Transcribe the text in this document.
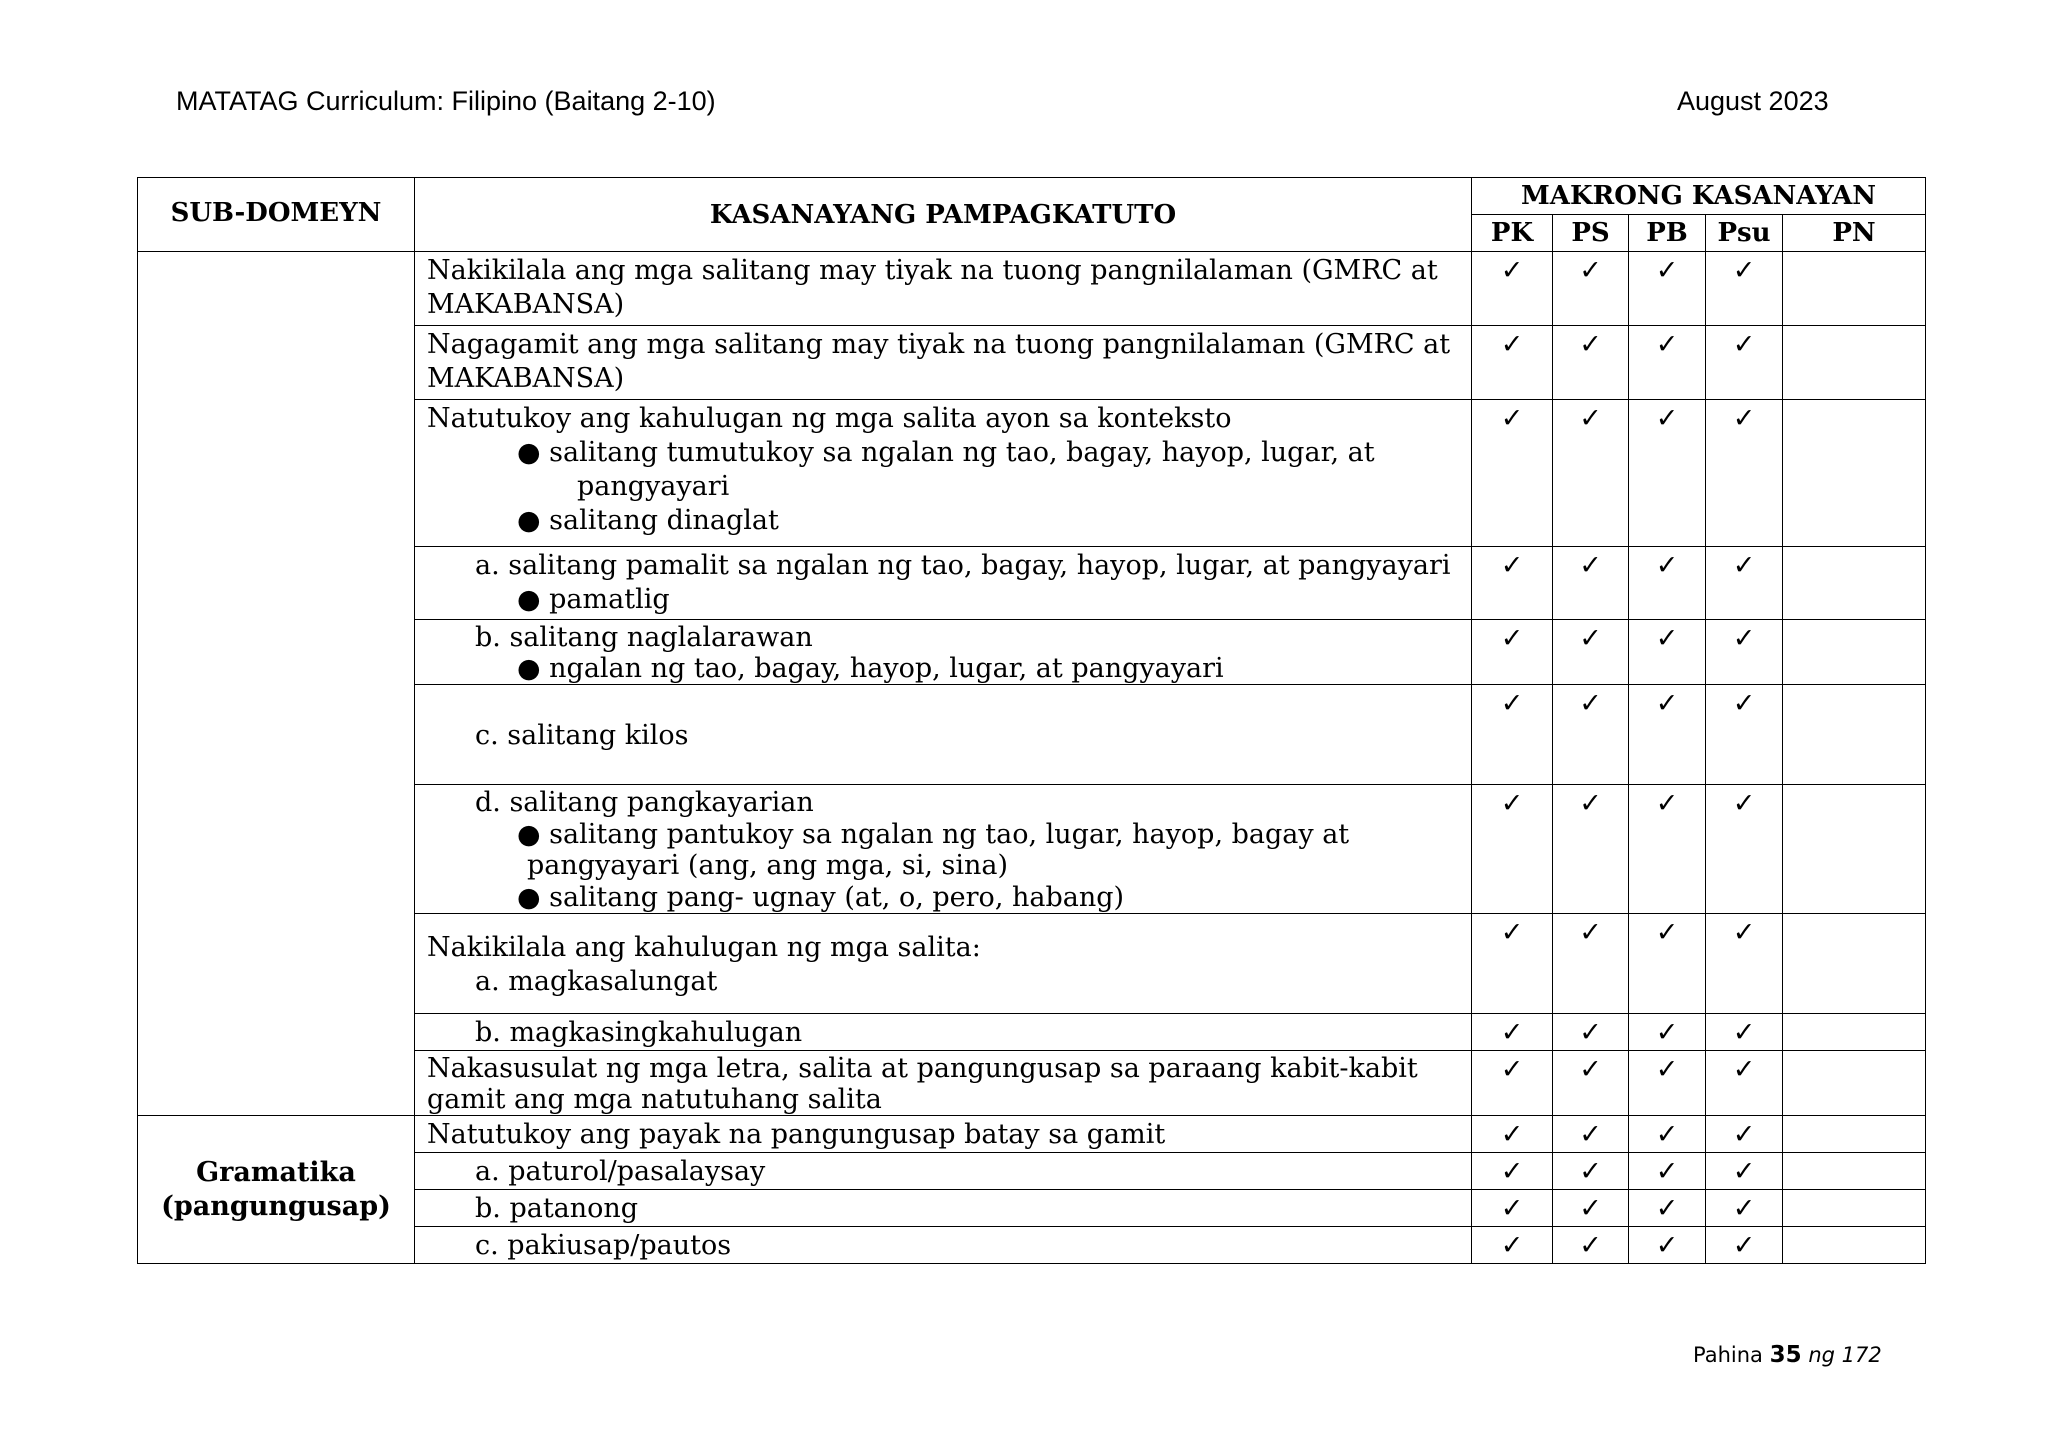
MATATAG Curriculum: Filipino (Baitang 2-10)	August 2023
SUB-DOMEYN	KASANAYANG PAMPAGKATUTO	MAKRONG KASANAYAN				
		PK	PS	PB	Psu	PN

	Nakikilala ang mga salitang may tiyak na tuong pangnilalaman (GMRC at
MAKABANSA)	✓	✓	✓	✓	

	Nagagamit ang mga salitang may tiyak na tuong pangnilalaman (GMRC at
MAKABANSA)	✓	✓	✓	✓	

	Natutukoy ang kahulugan ng mga salita ayon sa konteksto
● salitang tumutukoy sa ngalan ng tao, bagay, hayop, lugar, at
pangyayari
● salitang dinaglat	✓	✓	✓	✓	

	a. salitang pamalit sa ngalan ng tao, bagay, hayop, lugar, at pangyayari
● pamatlig	✓	✓	✓	✓	

	b. salitang naglalarawan
● ngalan ng tao, bagay, hayop, lugar, at pangyayari	✓	✓	✓	✓	

	c. salitang kilos	✓	✓	✓	✓	

	d. salitang pangkayarian
● salitang pantukoy sa ngalan ng tao, lugar, hayop, bagay at
pangyayari (ang, ang mga, si, sina)
● salitang pang- ugnay (at, o, pero, habang)	✓	✓	✓	✓	

	Nakikilala ang kahulugan ng mga salita:
a. magkasalungat	✓	✓	✓	✓	

	b. magkasingkahulugan	✓	✓	✓	✓	

	Nakasusulat ng mga letra, salita at pangungusap sa paraang kabit-kabit
gamit ang mga natutuhang salita	✓	✓	✓	✓	

Gramatika
(pangungusap)	Natutukoy ang payak na pangungusap batay sa gamit	✓	✓	✓	✓	

	a. paturol/pasalaysay	✓	✓	✓	✓	

	b. patanong	✓	✓	✓	✓	

	c. pakiusap/pautos	✓	✓	✓	✓	
Pahina 35 ng 172
